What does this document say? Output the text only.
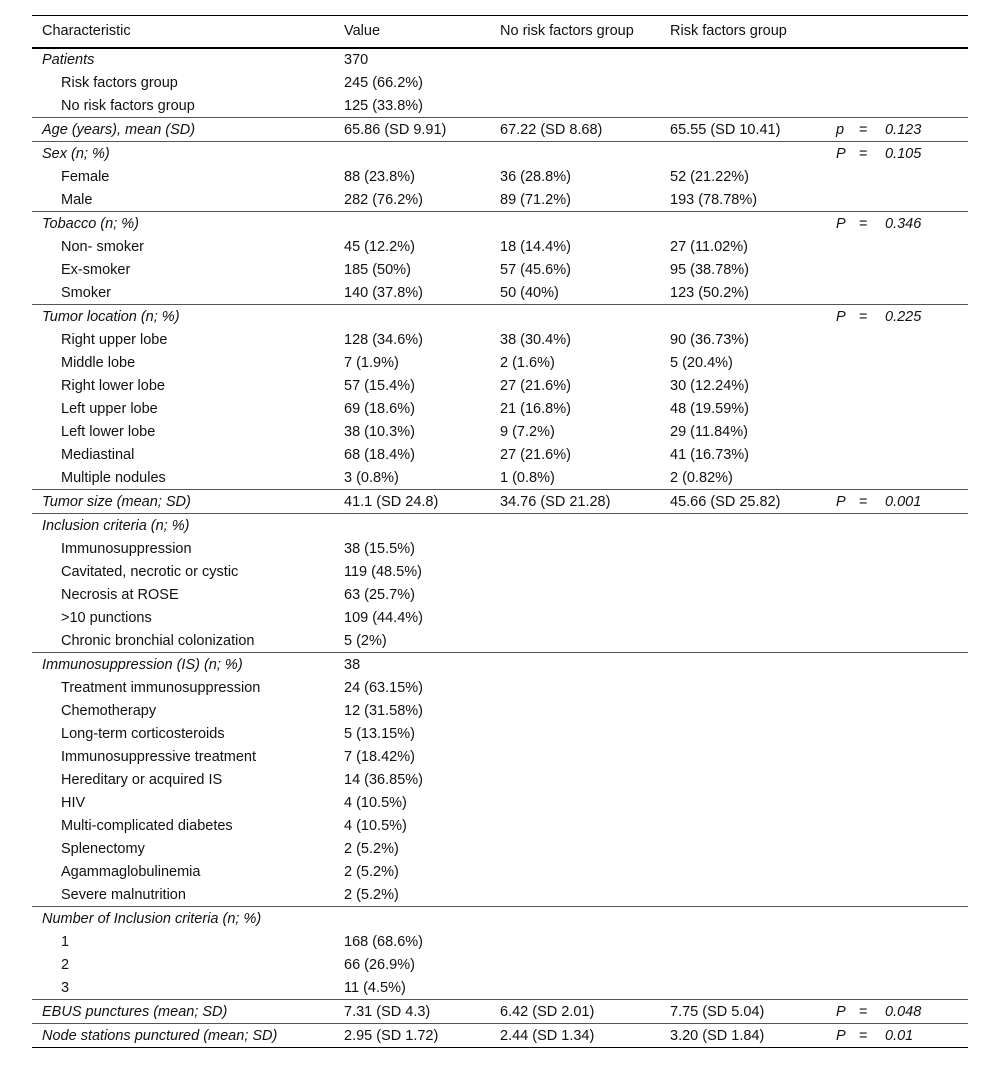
Characteristic	Value	No risk factors group	Risk factors group			
Patients	370					
Risk factors group	245 (66.2%)					
No risk factors group	125 (33.8%)					
Age (years), mean (SD)	65.86 (SD 9.91)	67.22 (SD 8.68)	65.55 (SD 10.41)	p	=	0.123
Sex (n; %)				P	=	0.105
Female	88 (23.8%)	36 (28.8%)	52 (21.22%)			
Male	282 (76.2%)	89 (71.2%)	193 (78.78%)			
Tobacco (n; %)				P	=	0.346
Non- smoker	45 (12.2%)	18 (14.4%)	27 (11.02%)			
Ex-smoker	185 (50%)	57 (45.6%)	95 (38.78%)			
Smoker	140 (37.8%)	50 (40%)	123 (50.2%)			
Tumor location (n; %)				P	=	0.225
Right upper lobe	128 (34.6%)	38 (30.4%)	90 (36.73%)			
Middle lobe	7 (1.9%)	2 (1.6%)	5 (20.4%)			
Right lower lobe	57 (15.4%)	27 (21.6%)	30 (12.24%)			
Left upper lobe	69 (18.6%)	21 (16.8%)	48 (19.59%)			
Left lower lobe	38 (10.3%)	9 (7.2%)	29 (11.84%)			
Mediastinal	68 (18.4%)	27 (21.6%)	41 (16.73%)			
Multiple nodules	3 (0.8%)	1 (0.8%)	2 (0.82%)			
Tumor size (mean; SD)	41.1 (SD 24.8)	34.76 (SD 21.28)	45.66 (SD 25.82)	P	=	0.001
Inclusion criteria (n; %)						
Immunosuppression	38 (15.5%)					
Cavitated, necrotic or cystic	119 (48.5%)					
Necrosis at ROSE	63 (25.7%)					
>10 punctions	109 (44.4%)					
Chronic bronchial colonization	5 (2%)					
Immunosuppression (IS) (n; %)	38					
Treatment immunosuppression	24 (63.15%)					
Chemotherapy	12 (31.58%)					
Long-term corticosteroids	5 (13.15%)					
Immunosuppressive treatment	7 (18.42%)					
Hereditary or acquired IS	14 (36.85%)					
HIV	4 (10.5%)					
Multi-complicated diabetes	4 (10.5%)					
Splenectomy	2 (5.2%)					
Agammaglobulinemia	2 (5.2%)					
Severe malnutrition	2 (5.2%)					
Number of Inclusion criteria (n; %)						
1	168 (68.6%)					
2	66 (26.9%)					
3	11 (4.5%)					
EBUS punctures (mean; SD)	7.31 (SD 4.3)	6.42 (SD 2.01)	7.75 (SD 5.04)	P	=	0.048
Node stations punctured (mean; SD)	2.95 (SD 1.72)	2.44 (SD 1.34)	3.20 (SD 1.84)	P	=	0.01
